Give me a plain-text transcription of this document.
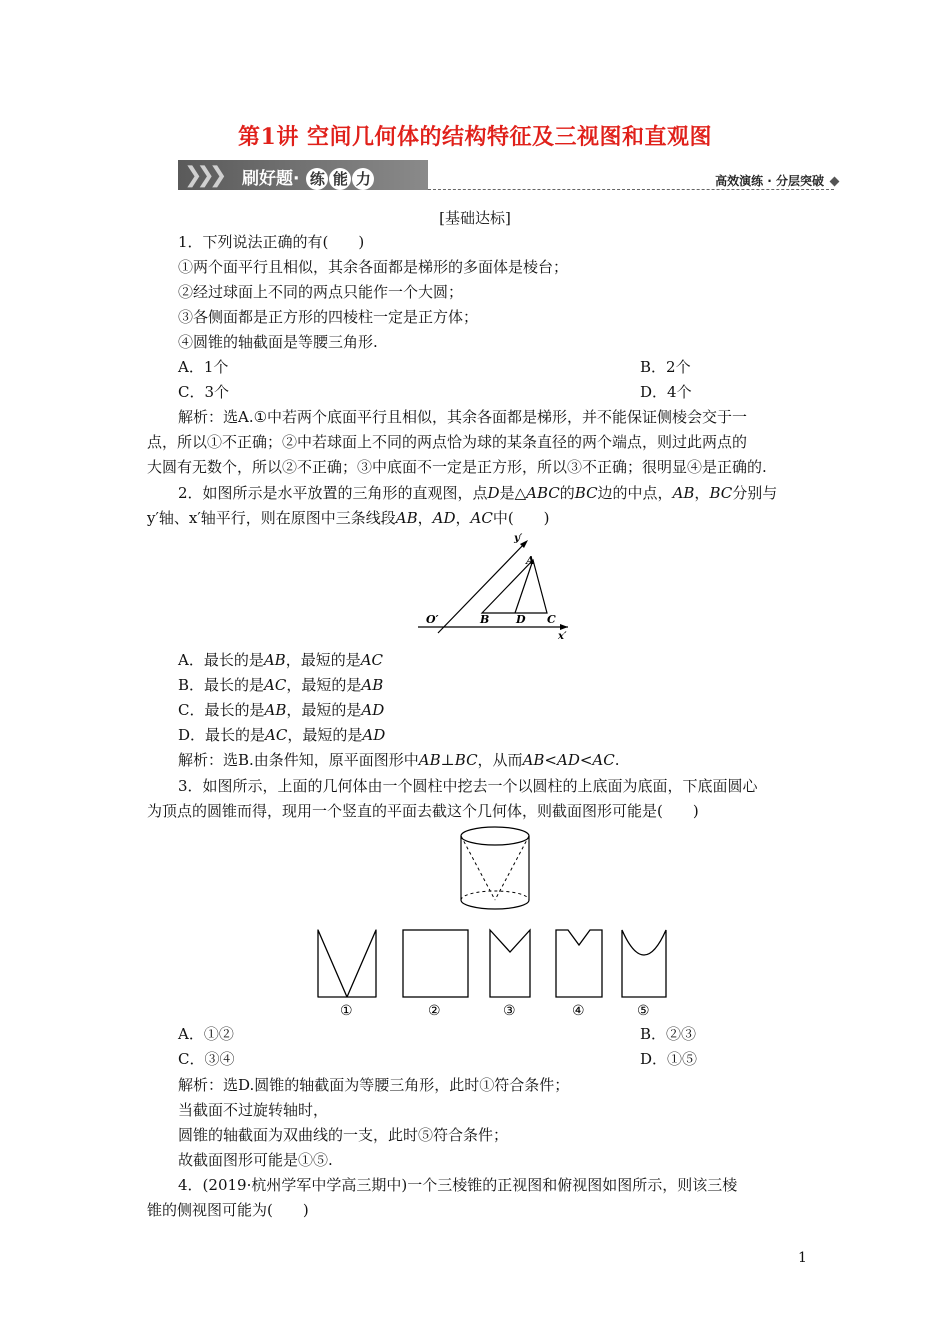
第1讲 空间几何体的结构特征及三视图和直观图
❯❯❯ 刷好题· 练 能 力	高效演练 · 分层突破
[基础达标]
1．下列说法正确的有(　　)
①两个面平行且相似，其余各面都是梯形的多面体是棱台；
②经过球面上不同的两点只能作一个大圆；
③各侧面都是正方形的四棱柱一定是正方体；
④圆锥的轴截面是等腰三角形.
A．1个	B．2个
C．3个	D．4个
解析：选A.①中若两个底面平行且相似，其余各面都是梯形，并不能保证侧棱会交于一
点，所以①不正确；②中若球面上不同的两点恰为球的某条直径的两个端点，则过此两点的
大圆有无数个，所以②不正确；③中底面不一定是正方形，所以③不正确；很明显④是正确的.
2．如图所示是水平放置的三角形的直观图，点D是△ABC的BC边的中点，AB，BC分别与
y′轴、x′轴平行，则在原图中三条线段AB，AD，AC中(　　)
y′
x′
O′
A
B D C
A．最长的是AB，最短的是AC
B．最长的是AC，最短的是AB
C．最长的是AB，最短的是AD
D．最长的是AC，最短的是AD
解析：选B.由条件知，原平面图形中AB⊥BC，从而AB<AD<AC.
3．如图所示，上面的几何体由一个圆柱中挖去一个以圆柱的上底面为底面，下底面圆心
为顶点的圆锥而得，现用一个竖直的平面去截这个几何体，则截面图形可能是(　　)
①	②	③	④	⑤
A．①②	B．②③
C．③④	D．①⑤
解析：选D.圆锥的轴截面为等腰三角形，此时①符合条件；
当截面不过旋转轴时，
圆锥的轴截面为双曲线的一支，此时⑤符合条件；
故截面图形可能是①⑤.
4．(2019·杭州学军中学高三期中)一个三棱锥的正视图和俯视图如图所示，则该三棱
锥的侧视图可能为(　　)
1
